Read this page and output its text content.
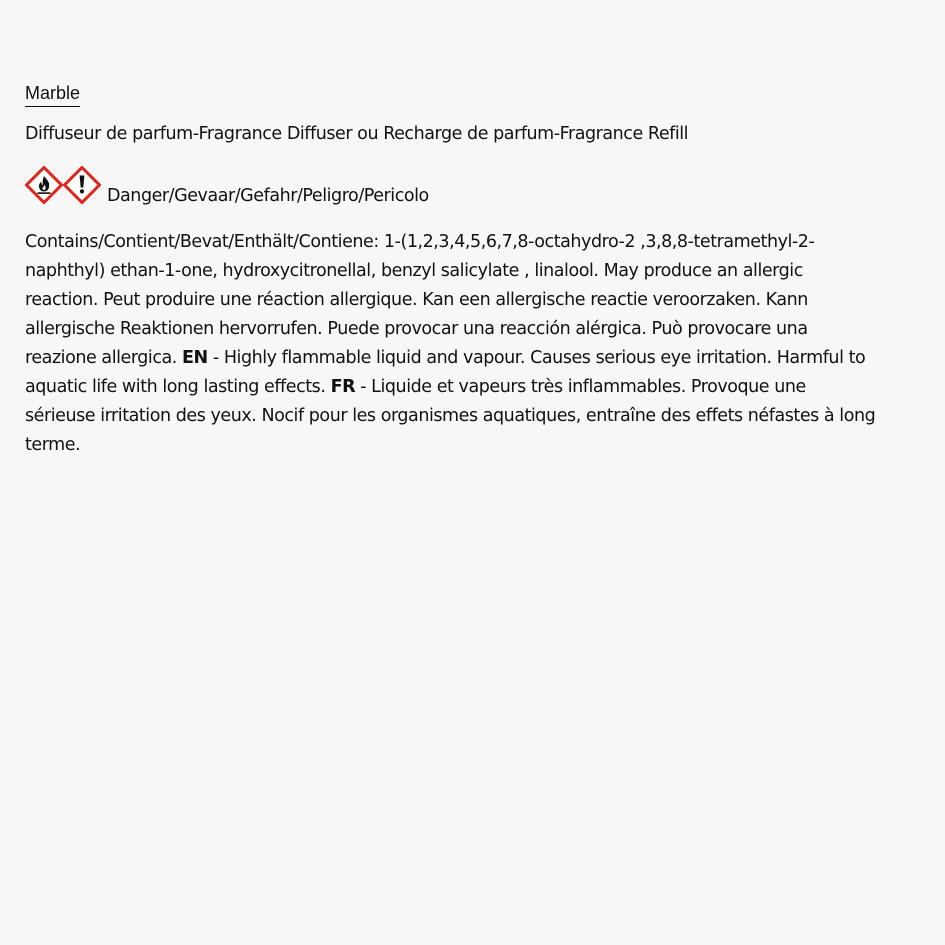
Marble
Diffuseur de parfum-Fragrance Diffuser ou Recharge de parfum-Fragrance Refill
Danger/Gevaar/Gefahr/Peligro/Pericolo
Contains/Contient/Bevat/Enthält/Contiene: 1-(1,2,3,4,5,6,7,8-octahydro-2 ,3,8,8-tetramethyl-2-
naphthyl) ethan-1-one, hydroxycitronellal, benzyl salicylate , linalool. May produce an allergic
reaction. Peut produire une réaction allergique. Kan een allergische reactie veroorzaken. Kann
allergische Reaktionen hervorrufen. Puede provocar una reacción alérgica. Può provocare una
reazione allergica. EN - Highly flammable liquid and vapour. Causes serious eye irritation. Harmful to
aquatic life with long lasting effects. FR - Liquide et vapeurs très inflammables. Provoque une
sérieuse irritation des yeux. Nocif pour les organismes aquatiques, entraîne des effets néfastes à long
terme.
